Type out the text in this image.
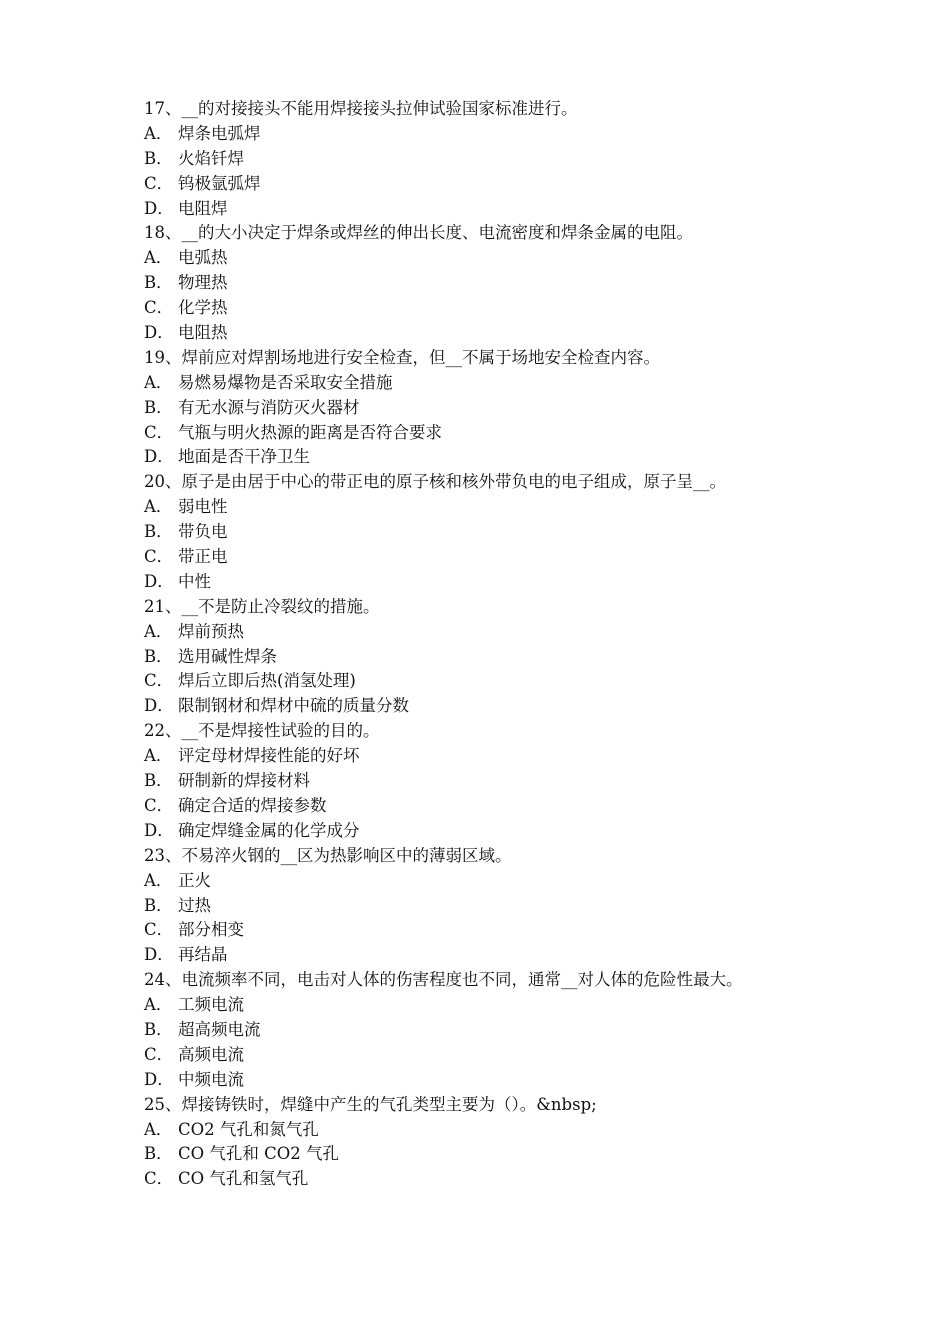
17、__的对接接头不能用焊接接头拉伸试验国家标准进行。
A． 焊条电弧焊
B． 火焰钎焊
C． 钨极氩弧焊
D． 电阻焊
18、__的大小决定于焊条或焊丝的伸出长度、电流密度和焊条金属的电阻。
A． 电弧热
B． 物理热
C． 化学热
D． 电阻热
19、焊前应对焊割场地进行安全检查，但__不属于场地安全检查内容。
A． 易燃易爆物是否采取安全措施
B． 有无水源与消防灭火器材
C． 气瓶与明火热源的距离是否符合要求
D． 地面是否干净卫生
20、原子是由居于中心的带正电的原子核和核外带负电的电子组成，原子呈__。
A． 弱电性
B． 带负电
C． 带正电
D． 中性
21、__不是防止冷裂纹的措施。
A． 焊前预热
B． 选用碱性焊条
C． 焊后立即后热(消氢处理)
D． 限制钢材和焊材中硫的质量分数
22、__不是焊接性试验的目的。
A． 评定母材焊接性能的好坏
B． 研制新的焊接材料
C． 确定合适的焊接参数
D． 确定焊缝金属的化学成分
23、不易淬火钢的__区为热影响区中的薄弱区域。
A． 正火
B． 过热
C． 部分相变
D． 再结晶
24、电流频率不同，电击对人体的伤害程度也不同，通常__对人体的危险性最大。
A． 工频电流
B． 超高频电流
C． 高频电流
D． 中频电流
25、焊接铸铁时，焊缝中产生的气孔类型主要为（）。&nbsp;
A． CO2 气孔和氮气孔
B． CO 气孔和 CO2 气孔
C． CO 气孔和氢气孔
